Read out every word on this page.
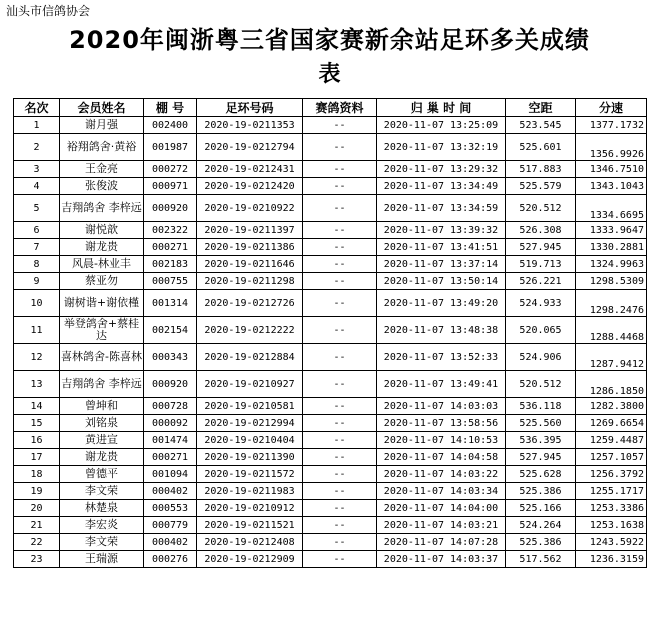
汕头市信鸽协会
2020年闽浙粤三省国家赛新余站足环多关成绩
表
名次	会员姓名	棚 号	足环号码	赛鸽资料	归 巢 时 间	空距	分速
1	谢月强	002400	2020-19-0211353	--	2020-11-07 13:25:09	523.545	1377.1732
2	裕翔鸽舍·黄裕	001987	2020-19-0212794	--	2020-11-07 13:32:19	525.601	1356.9926
3	王金亮	000272	2020-19-0212431	--	2020-11-07 13:29:32	517.883	1346.7510
4	张俊波	000971	2020-19-0212420	--	2020-11-07 13:34:49	525.579	1343.1043
5	吉翔鸽舍 李梓远	000920	2020-19-0210922	--	2020-11-07 13:34:59	520.512	1334.6695
6	谢悦歆	002322	2020-19-0211397	--	2020-11-07 13:39:32	526.308	1333.9647
7	谢龙贵	000271	2020-19-0211386	--	2020-11-07 13:41:51	527.945	1330.2881
8	风晨-林业丰	002183	2020-19-0211646	--	2020-11-07 13:37:14	519.713	1324.9963
9	蔡亚勿	000755	2020-19-0211298	--	2020-11-07 13:50:14	526.221	1298.5309
10	谢树谐+谢依槿	001314	2020-19-0212726	--	2020-11-07 13:49:20	524.933	1298.2476
11	举登鸽舍+蔡桂达	002154	2020-19-0212222	--	2020-11-07 13:48:38	520.065	1288.4468
12	喜林鸽舍-陈喜林	000343	2020-19-0212884	--	2020-11-07 13:52:33	524.906	1287.9412
13	吉翔鸽舍 李梓远	000920	2020-19-0210927	--	2020-11-07 13:49:41	520.512	1286.1850
14	曾坤和	000728	2020-19-0210581	--	2020-11-07 14:03:03	536.118	1282.3800
15	刘铭泉	000092	2020-19-0212994	--	2020-11-07 13:58:56	525.560	1269.6654
16	黄进宣	001474	2020-19-0210404	--	2020-11-07 14:10:53	536.395	1259.4487
17	谢龙贵	000271	2020-19-0211390	--	2020-11-07 14:04:58	527.945	1257.1057
18	曾德平	001094	2020-19-0211572	--	2020-11-07 14:03:22	525.628	1256.3792
19	李文荣	000402	2020-19-0211983	--	2020-11-07 14:03:34	525.386	1255.1717
20	林楚泉	000553	2020-19-0210912	--	2020-11-07 14:04:00	525.166	1253.3386
21	李宏炎	000779	2020-19-0211521	--	2020-11-07 14:03:21	524.264	1253.1638
22	李文荣	000402	2020-19-0212408	--	2020-11-07 14:07:28	525.386	1243.5922
23	王瑞源	000276	2020-19-0212909	--	2020-11-07 14:03:37	517.562	1236.3159
